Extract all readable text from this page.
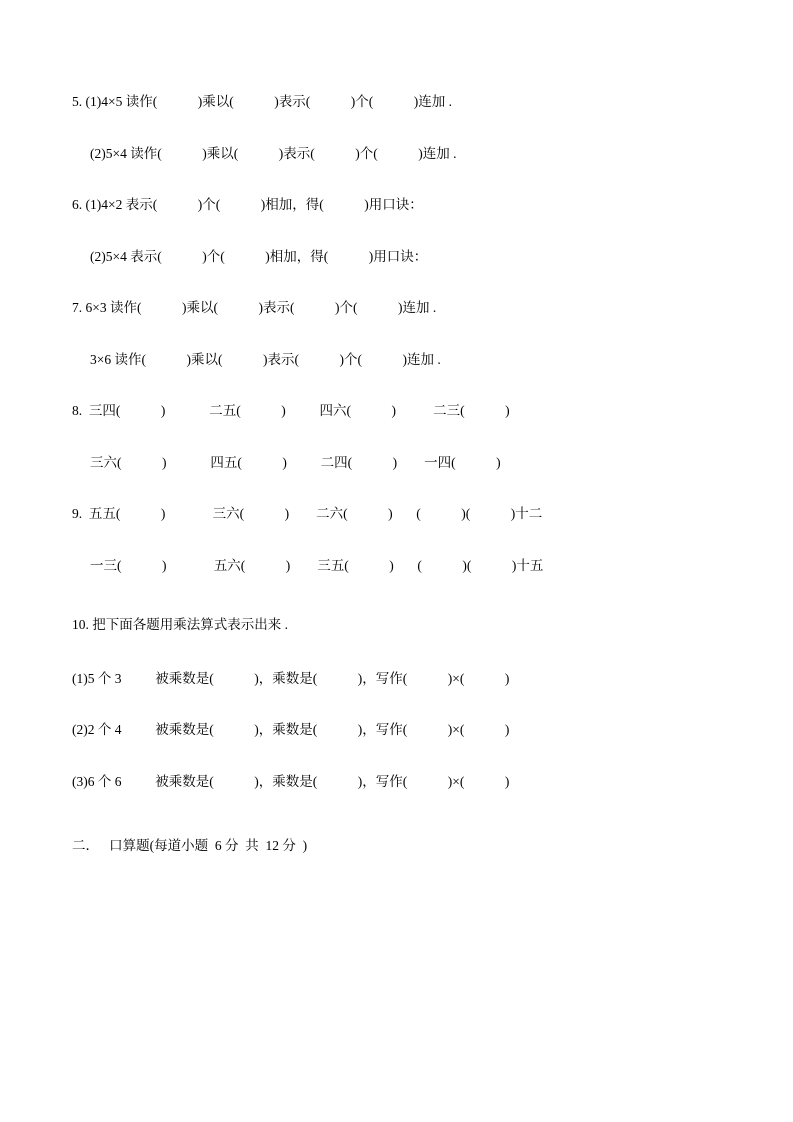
5. (1)4×5 读作(            )乘以(            )表示(            )个(            )连加 .
(2)5×4 读作(            )乘以(            )表示(            )个(            )连加 .
6. (1)4×2 表示(            )个(            )相加，得(            )用口诀：
(2)5×4 表示(            )个(            )相加，得(            )用口诀：
7. 6×3 读作(            )乘以(            )表示(            )个(            )连加 .
3×6 读作(            )乘以(            )表示(            )个(            )连加 .
8.  三四(            )             二五(            )          四六(            )           二三(            )
三六(            )             四五(            )          二四(            )        一四(            )
9.  五五(            )              三六(            )        二六(            )       (            )(            )十二
一三(            )              五六(            )        三五(            )       (            )(            )十五
10. 把下面各题用乘法算式表示出来 .
(1)5 个 3          被乘数是(            )，乘数是(            )，写作(            )×(            )
(2)2 个 4          被乘数是(            )，乘数是(            )，写作(            )×(            )
(3)6 个 6          被乘数是(            )，乘数是(            )，写作(            )×(            )
二．   口算题(每道小题  6 分  共  12 分  )
